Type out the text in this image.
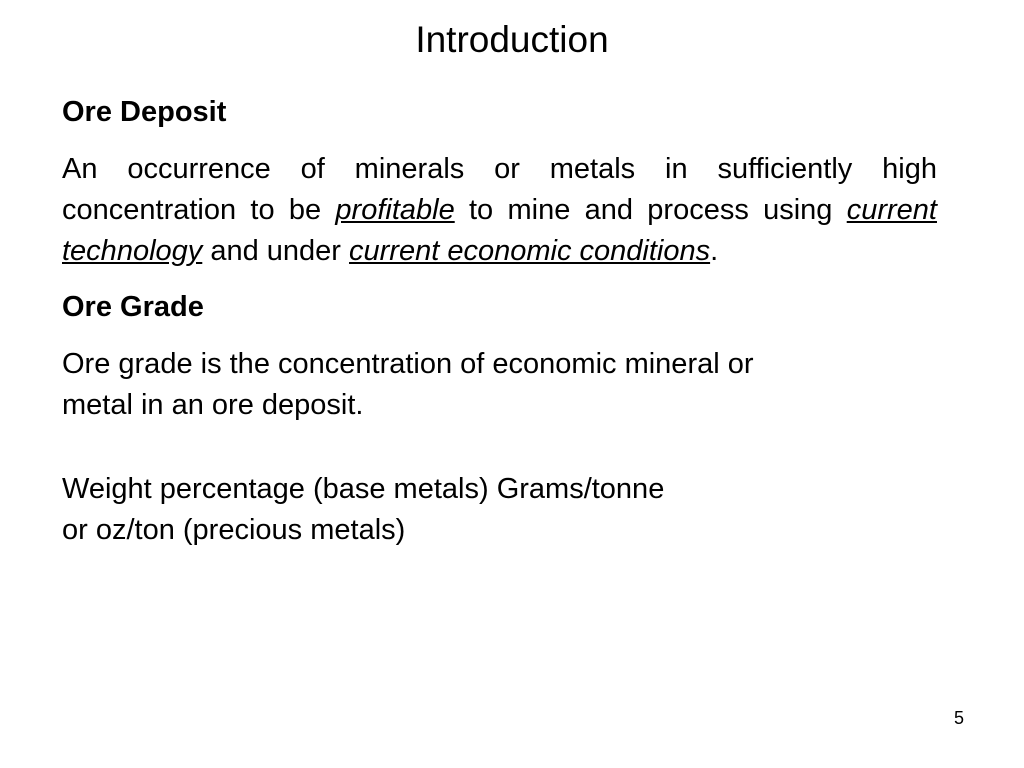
Introduction

Ore Deposit

An occurrence of minerals or metals in sufficiently high concentration to be profitable to mine and process using current technology and under current economic conditions.

Ore Grade

Ore grade is the concentration of economic mineral or
metal in an ore deposit.

Weight percentage (base metals) Grams/tonne
or oz/ton (precious metals)

5
